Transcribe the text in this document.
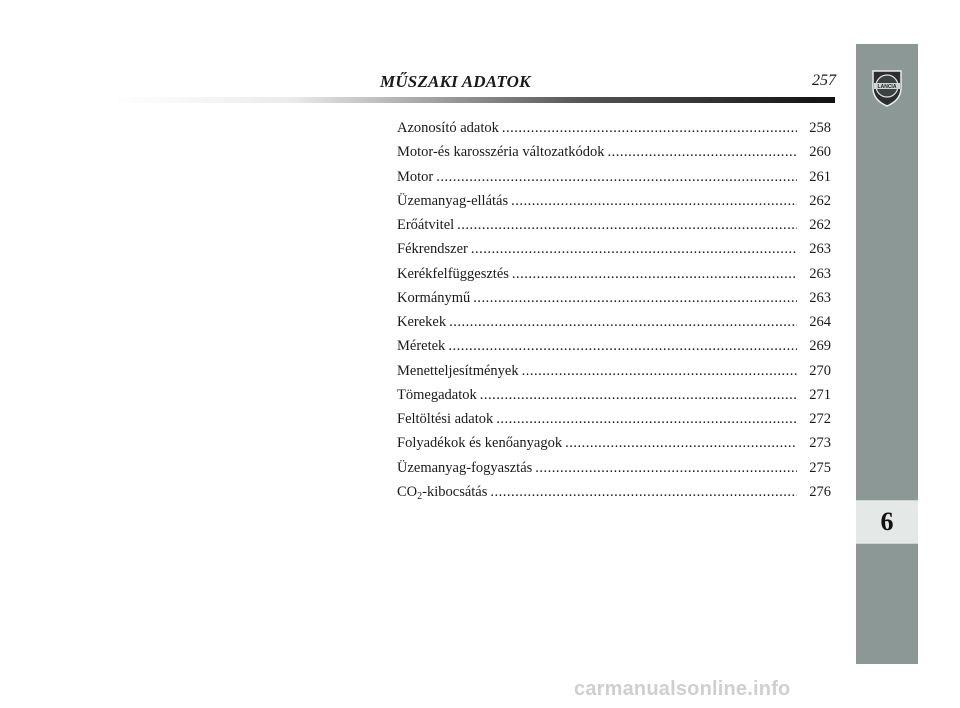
MŰSZAKI ADATOK	257	LANCIA
6
Azonosító adatok .....	258
Motor-és karosszéria változatkódok .....	260
Motor .....	261
Üzemanyag-ellátás .....	262
Erőátvitel .....	262
Fékrendszer .....	263
Kerékfelfüggesztés .....	263
Kormánymű .....	263
Kerekek .....	264
Méretek .....	269
Menetteljesítmények .....	270
Tömegadatok .....	271
Feltöltési adatok .....	272
Folyadékok és kenőanyagok .....	273
Üzemanyag-fogyasztás .....	275
$CO_2$-kibocsátás .....	276
carmanualsonline.info
